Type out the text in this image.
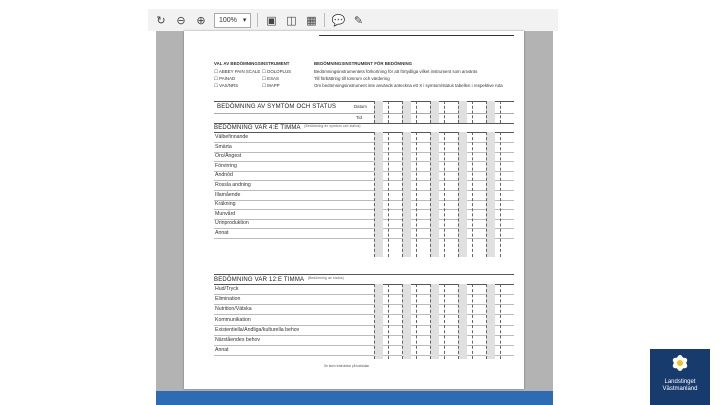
↻ ⊖ ⊕	100% ▾ ▣ ◫ ▦ 💬 ✎
VAL AV BEDÖMNINGSINSTRUMENT
☐ ABBEY PAIN SCALE ☐ DOLOPLUS
☐ PAINAD	☐ ESAS
☐ VAS/NRS	☐ MAPP
BEDÖMNINGSINSTRUMENT FÖR BEDÖMNING
Bedömningsinstrumentets förkortning för att förtydliga vilket instrument som använts
Till förbättring till tomrum och värdering
Om bedömningsinstrument inte används anteckna ett X i symtom/status tabellen i respektive ruta
BEDÖMNING AV SYMTOM OCH STATUS	Datum
Tid
BEDÖMNING VAR 4:E TIMMA $^{(Bedömning av symtom och status)}$
Välbefinnande
Smärta
Oro/Ångest
Förvirring
Andnöd
Rossla andning
Illamående
Kräkning
Munvård
Urinproduktion
Annat
BEDÖMNING VAR 12:E TIMMA $^{(Bedömning av status)}$
Hud/Tryck
Elimination
Nutrition/Vätska
Kommunikation
Existentiella/Andliga/kulturella behov
Närståendes behov
Annat
Se även instruktion på baksidan
Landstinget
Västmanland
